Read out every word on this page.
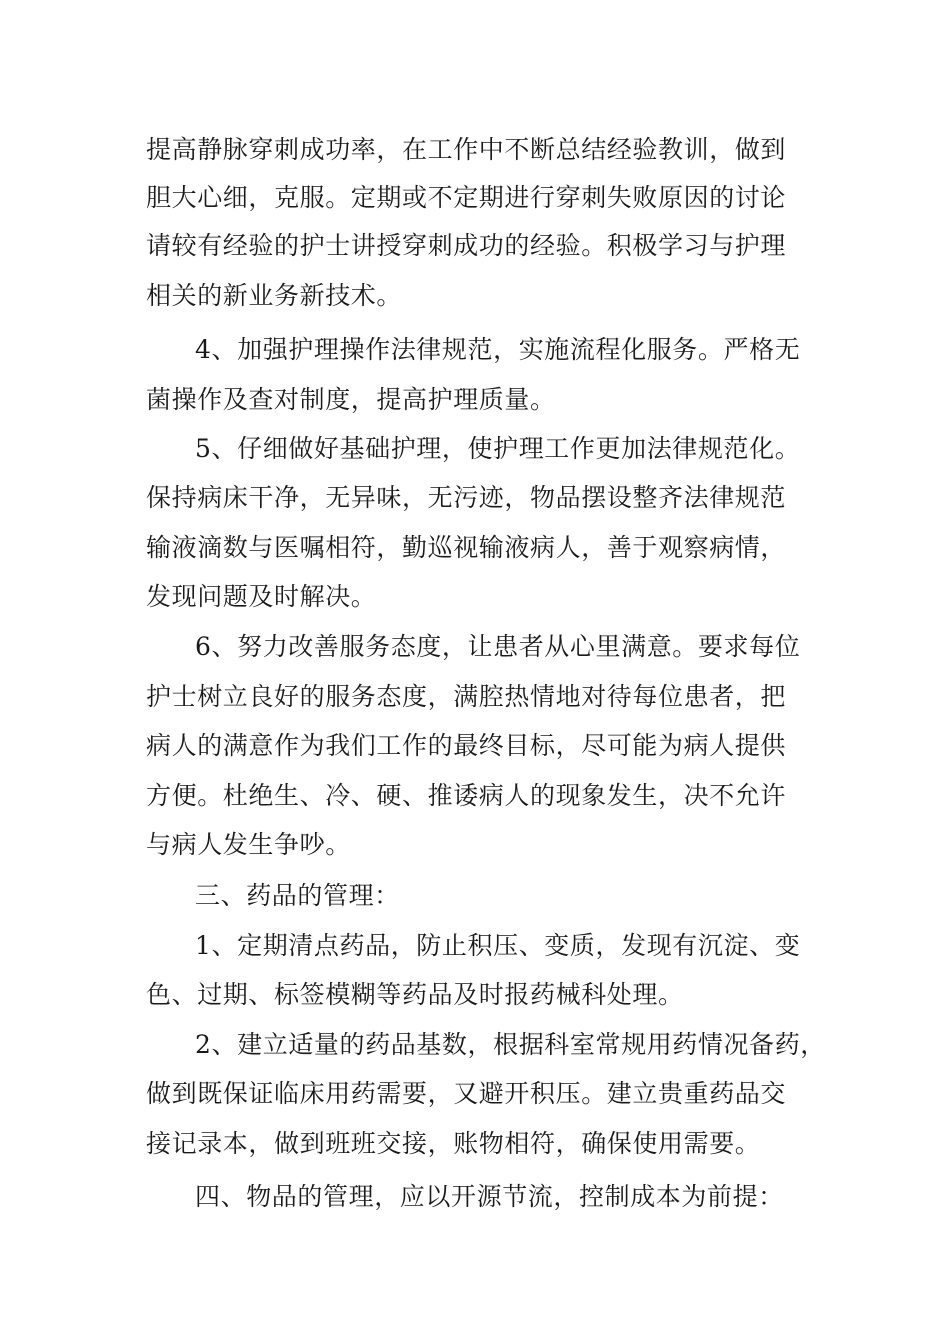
提高静脉穿刺成功率，在工作中不断总结经验教训，做到
胆大心细，克服。定期或不定期进行穿刺失败原因的讨论
请较有经验的护士讲授穿刺成功的经验。积极学习与护理
相关的新业务新技术。
4、加强护理操作法律规范，实施流程化服务。严格无
菌操作及查对制度，提高护理质量。
5、仔细做好基础护理，使护理工作更加法律规范化。
保持病床干净，无异味，无污迹，物品摆设整齐法律规范
输液滴数与医嘱相符，勤巡视输液病人，善于观察病情，
发现问题及时解决。
6、努力改善服务态度，让患者从心里满意。要求每位
护士树立良好的服务态度，满腔热情地对待每位患者，把
病人的满意作为我们工作的最终目标，尽可能为病人提供
方便。杜绝生、冷、硬、推诿病人的现象发生，决不允许
与病人发生争吵。
三、药品的管理：
1、定期清点药品，防止积压、变质，发现有沉淀、变
色、过期、标签模糊等药品及时报药械科处理。
2、建立适量的药品基数，根据科室常规用药情况备药，
做到既保证临床用药需要，又避开积压。建立贵重药品交
接记录本，做到班班交接，账物相符，确保使用需要。
四、物品的管理，应以开源节流，控制成本为前提：
